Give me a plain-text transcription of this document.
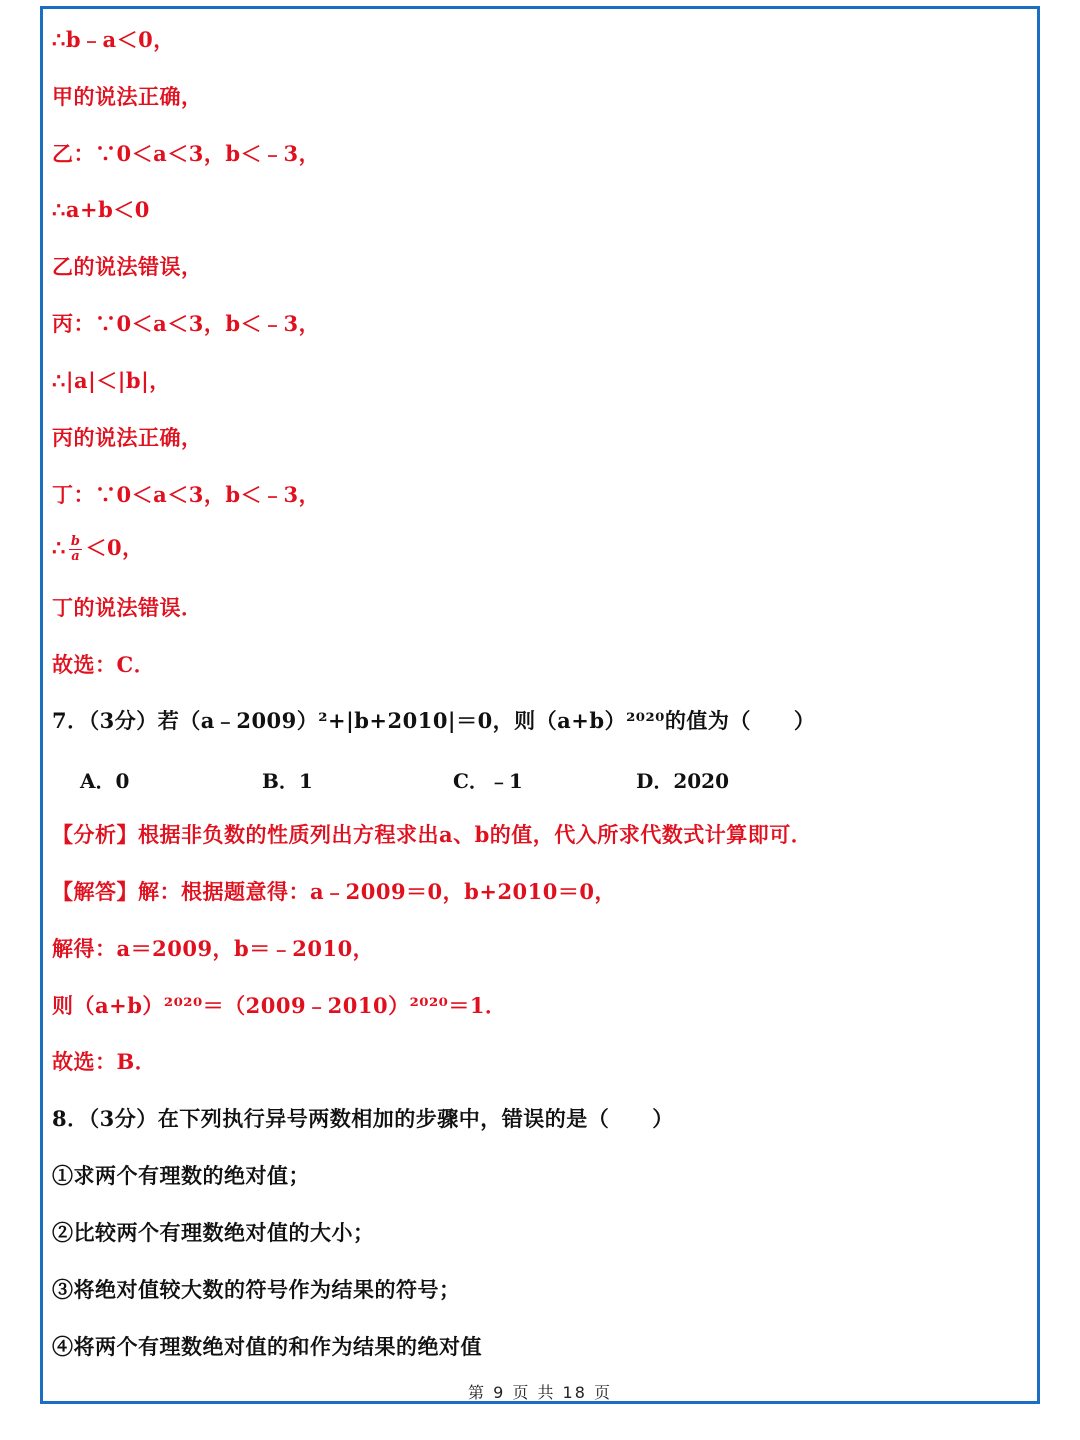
∴b﹣a＜0，
甲的说法正确，
乙：∵0＜a＜3，b＜﹣3，
∴a+b＜0
乙的说法错误，
丙：∵0＜a＜3，b＜﹣3，
∴|a|＜|b|，
丙的说法正确，
丁：∵0＜a＜3，b＜﹣3，
∴ $\frac{b}{a} <0$，
丁的说法错误．
故选：C．
7．（3分）若（a﹣2009）²+|b+2010|＝0，则（a+b）²⁰²⁰的值为（　　）
A．0	B．1	C．﹣1	D．2020
【分析】根据非负数的性质列出方程求出a、b的值，代入所求代数式计算即可．
【解答】解：根据题意得：a﹣2009＝0，b+2010＝0，
解得：a＝2009，b＝﹣2010，
则（a+b）²⁰²⁰＝（2009﹣2010）²⁰²⁰＝1．
故选：B．
8．（3分）在下列执行异号两数相加的步骤中，错误的是（　　）
①求两个有理数的绝对值；
②比较两个有理数绝对值的大小；
③将绝对值较大数的符号作为结果的符号；
④将两个有理数绝对值的和作为结果的绝对值
第 9 页 共 18 页
